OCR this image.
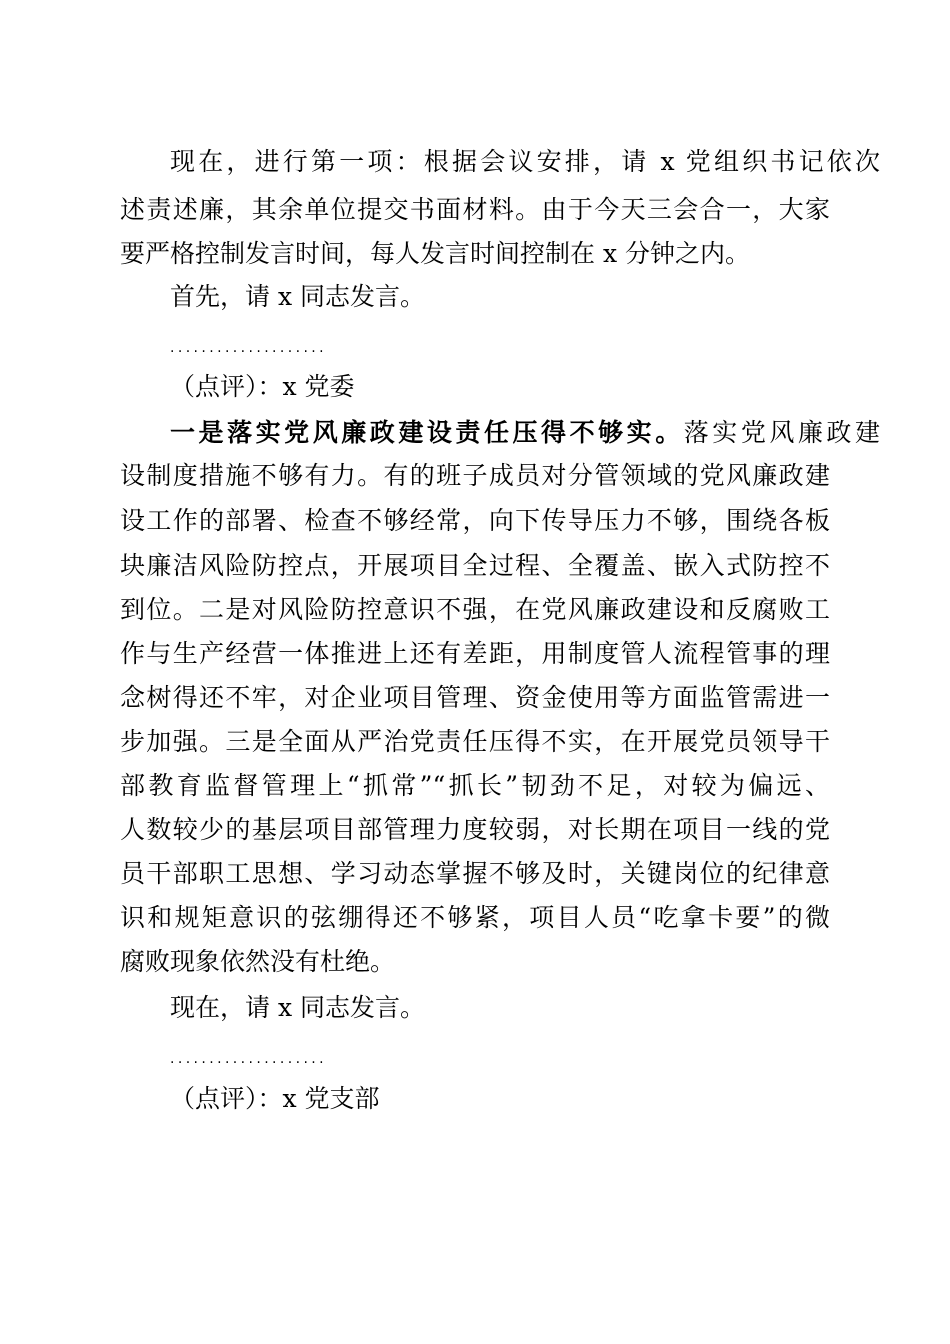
现在，进行第一项：根据会议安排，请 x 党组织书记依次
述责述廉，其余单位提交书面材料。由于今天三会合一，大家
要严格控制发言时间，每人发言时间控制在 x 分钟之内。
首先，请 x 同志发言。
....................
（点评）：x 党委
一是落实党风廉政建设责任压得不够实。落实党风廉政建
设制度措施不够有力。有的班子成员对分管领域的党风廉政建
设工作的部署、检查不够经常，向下传导压力不够，围绕各板
块廉洁风险防控点，开展项目全过程、全覆盖、嵌入式防控不
到位。二是对风险防控意识不强，在党风廉政建设和反腐败工
作与生产经营一体推进上还有差距，用制度管人流程管事的理
念树得还不牢，对企业项目管理、资金使用等方面监管需进一
步加强。三是全面从严治党责任压得不实，在开展党员领导干
部教育监督管理上“抓常”“抓长”韧劲不足，对较为偏远、
人数较少的基层项目部管理力度较弱，对长期在项目一线的党
员干部职工思想、学习动态掌握不够及时，关键岗位的纪律意
识和规矩意识的弦绷得还不够紧，项目人员“吃拿卡要”的微
腐败现象依然没有杜绝。
现在，请 x 同志发言。
....................
（点评）：x 党支部
